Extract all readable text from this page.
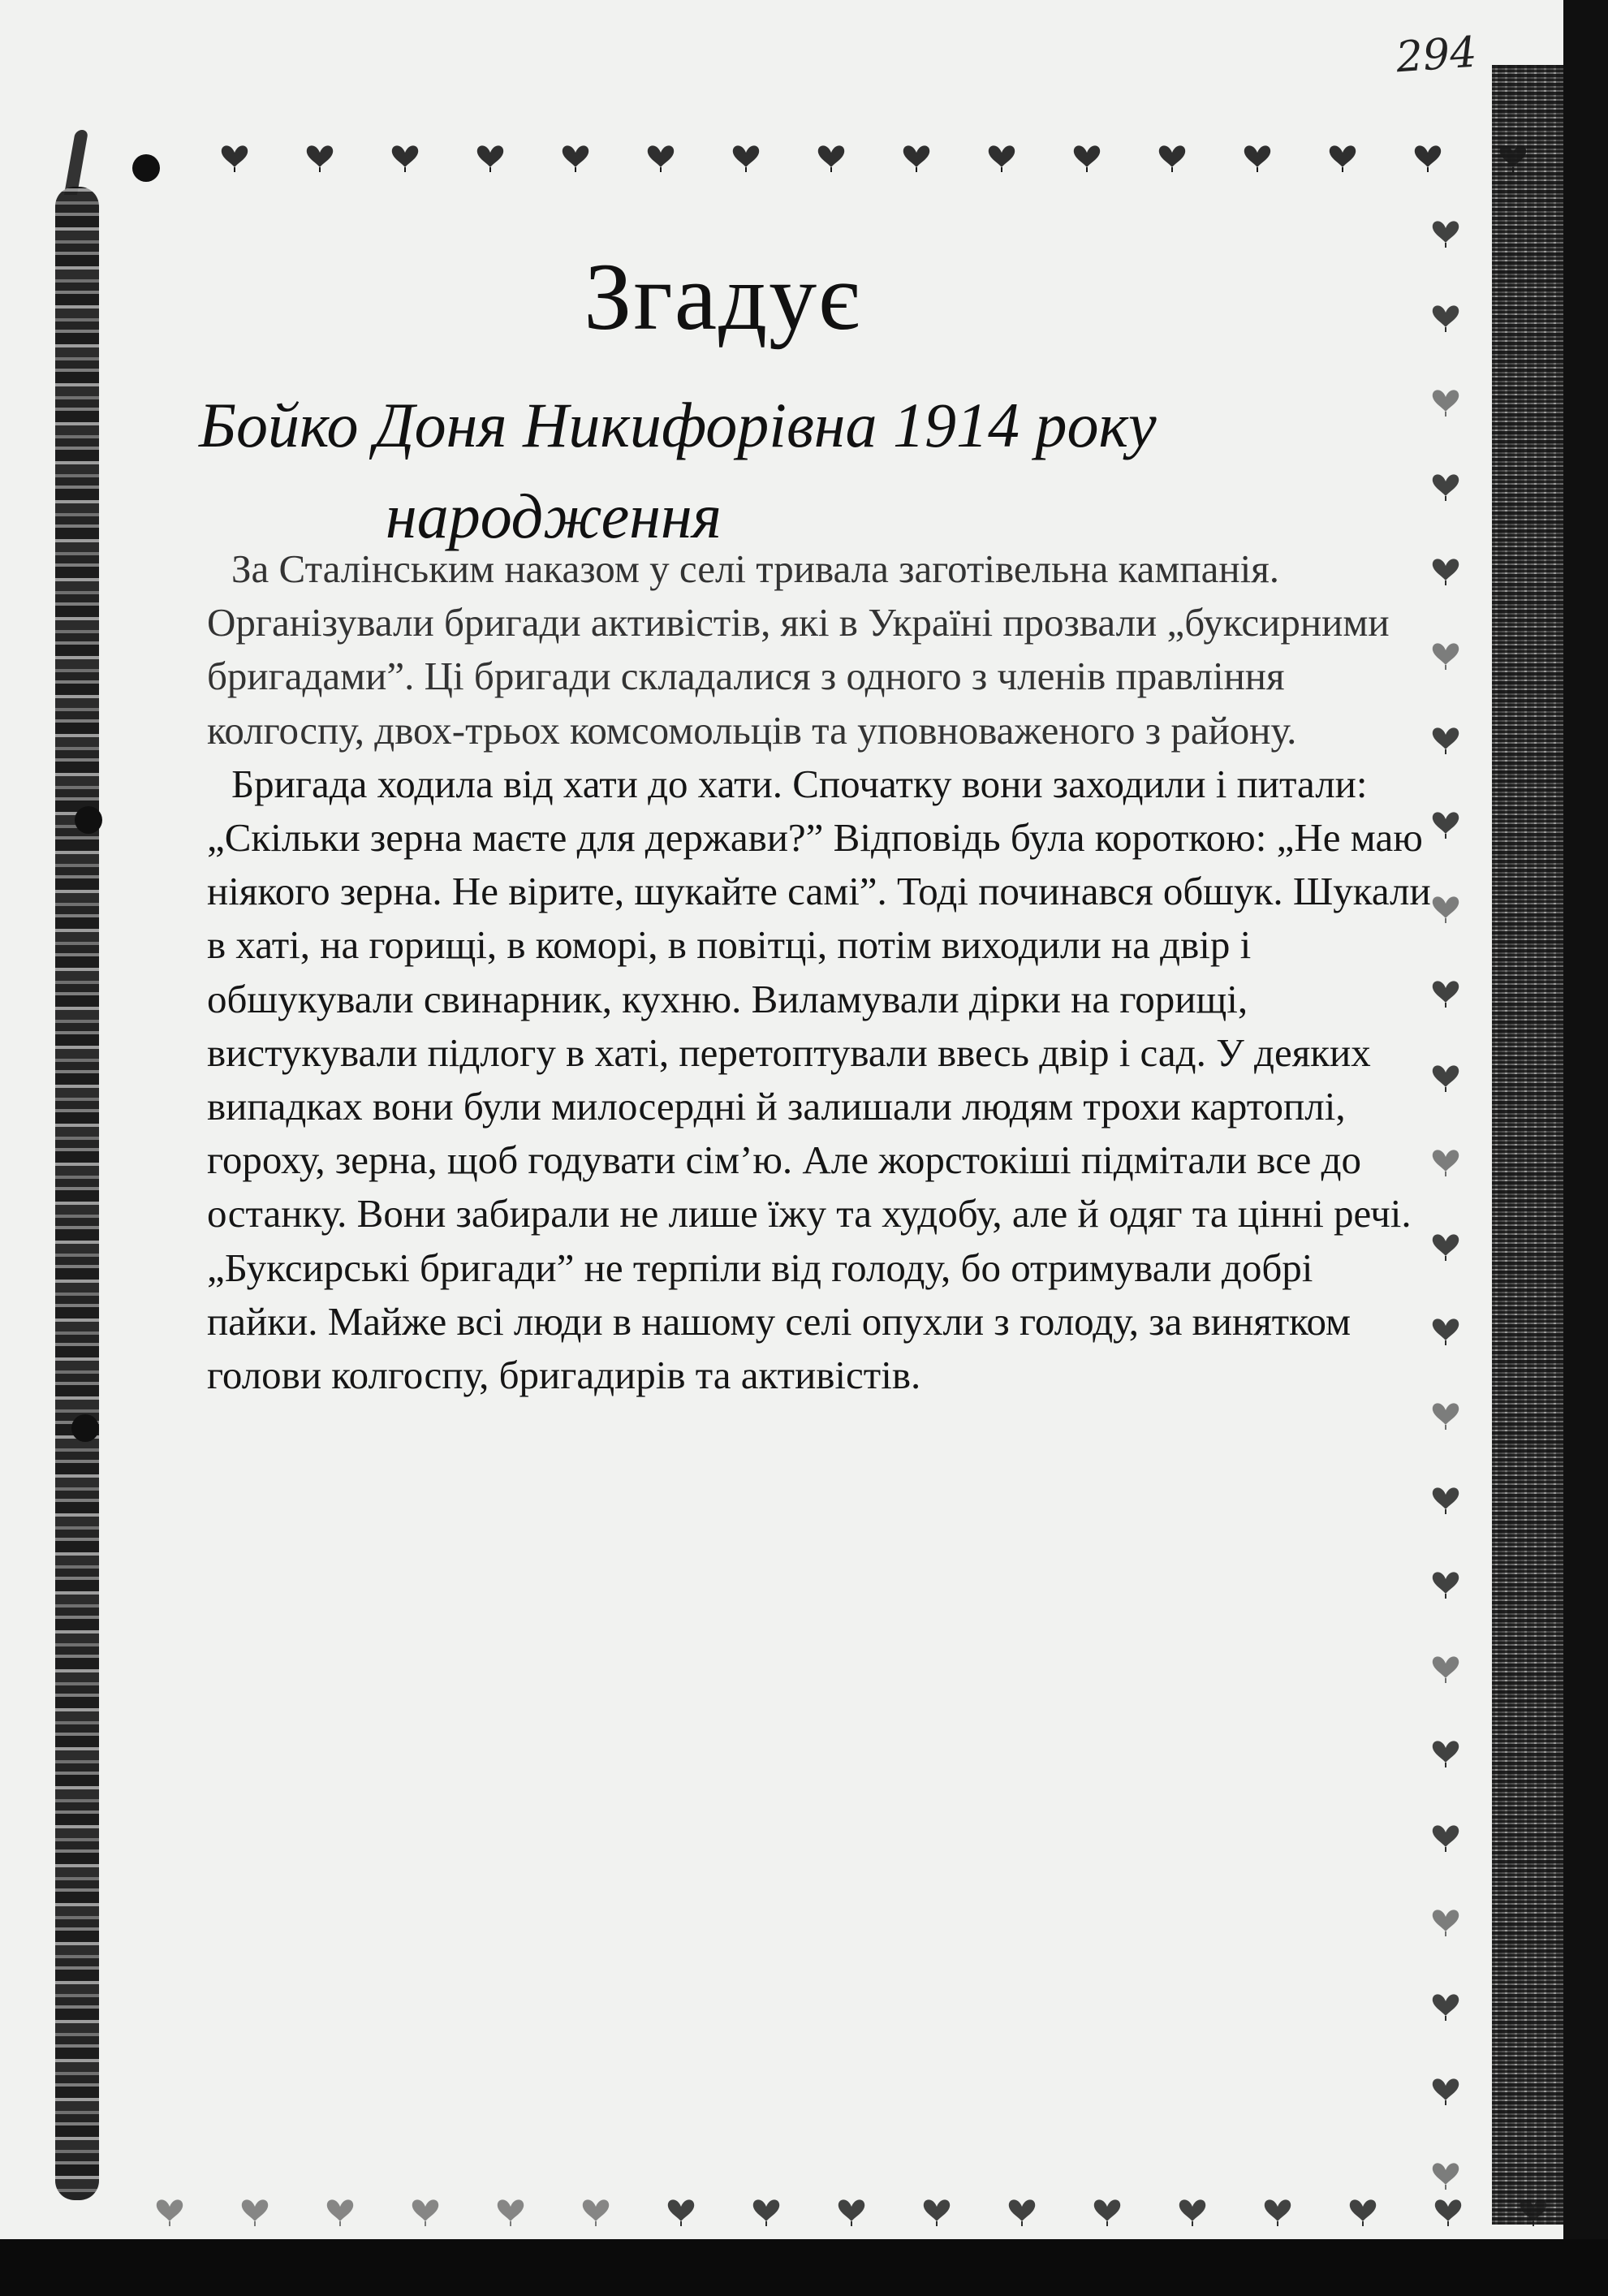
294
Згадує
Бойко Доня Никифорівна 1914 року
народження

За Сталінським наказом у селі тривала заготівельна кампанія. Організували бригади активістів, які в Україні прозвали „буксирними бригадами”. Ці бригади складалися з одного з членів правління колгоспу, двох-трьох комсомольців та уповноваженого з району.

Бригада ходила від хати до хати. Спочатку вони заходили і питали: „Скільки зерна маєте для держави?” Відповідь була короткою: „Не маю ніякого зерна. Не вірите, шукайте самі”. Тоді починався обшук. Шукали в хаті, на горищі, в коморі, в повітці, потім виходили на двір і обшукували свинарник, кухню. Виламували дірки на горищі, вистукували підлогу в хаті, перетоптували ввесь двір і сад. У деяких випадках вони були милосердні й залишали людям трохи картоплі, гороху, зерна, щоб годувати сім’ю. Але жорстокіші підмітали все до останку. Вони забирали не лише їжу та худобу, але й одяг та цінні речі. „Буксирські бригади” не терпіли від голоду, бо отримували добрі пайки. Майже всі люди в нашому селі опухли з голоду, за винятком голови колгоспу, бригадирів та активістів.
